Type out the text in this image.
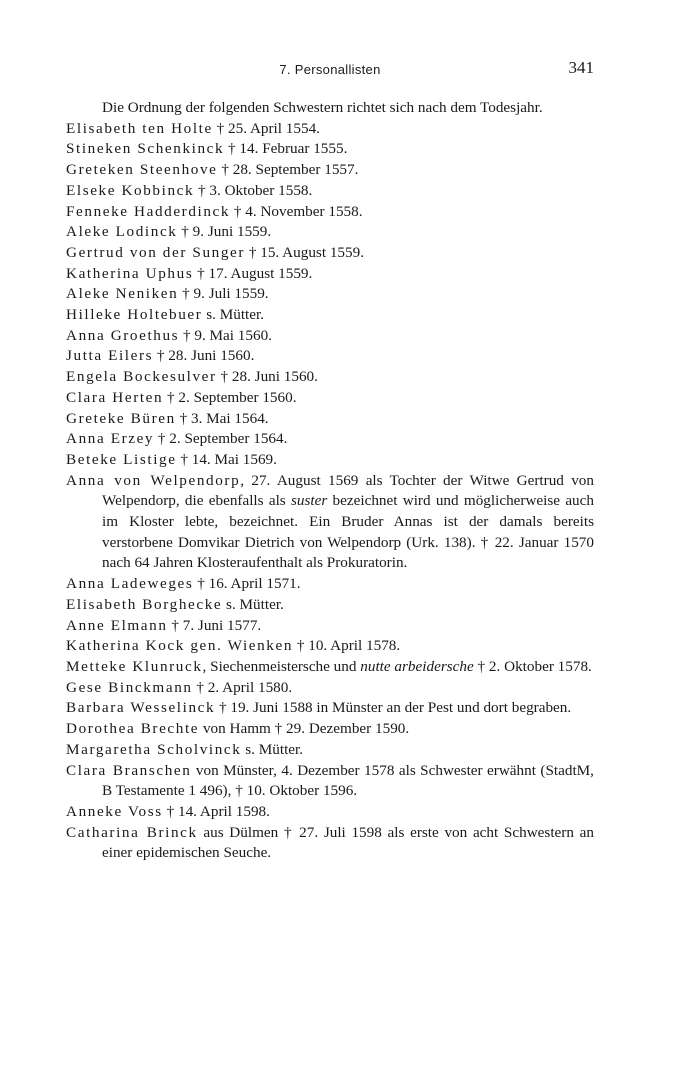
7. Personallisten	341

Die Ordnung der folgenden Schwestern richtet sich nach dem Todesjahr.

Elisabeth ten Holte † 25. April 1554.

Stineken Schenkinck † 14. Februar 1555.

Greteken Steenhove † 28. September 1557.

Elseke Kobbinck † 3. Oktober 1558.

Fenneke Hadderdinck † 4. November 1558.

Aleke Lodinck † 9. Juni 1559.

Gertrud von der Sunger † 15. August 1559.

Katherina Uphus † 17. August 1559.

Aleke Neniken † 9. Juli 1559.

Hilleke Holtebuer s. Mütter.

Anna Groethus † 9. Mai 1560.

Jutta Eilers † 28. Juni 1560.

Engela Bockesulver † 28. Juni 1560.

Clara Herten † 2. September 1560.

Greteke Büren † 3. Mai 1564.

Anna Erzey † 2. September 1564.

Beteke Listige † 14. Mai 1569.

Anna von Welpendorp, 27. August 1569 als Tochter der Witwe Gertrud von Welpendorp, die ebenfalls als suster bezeichnet wird und möglicherweise auch im Kloster lebte, bezeichnet. Ein Bruder Annas ist der damals bereits verstorbene Domvikar Dietrich von Welpendorp (Urk. 138). † 22. Januar 1570 nach 64 Jahren Klosteraufenthalt als Prokuratorin.

Anna Ladeweges † 16. April 1571.

Elisabeth Borghecke s. Mütter.

Anne Elmann † 7. Juni 1577.

Katherina Kock gen. Wienken † 10. April 1578.

Metteke Klunruck, Siechenmeistersche und nutte arbeidersche † 2. Oktober 1578.

Gese Binckmann † 2. April 1580.

Barbara Wesselinck † 19. Juni 1588 in Münster an der Pest und dort begraben.

Dorothea Brechte von Hamm † 29. Dezember 1590.

Margaretha Scholvinck s. Mütter.

Clara Branschen von Münster, 4. Dezember 1578 als Schwester erwähnt (StadtM, B Testamente 1 496), † 10. Oktober 1596.

Anneke Voss † 14. April 1598.

Catharina Brinck aus Dülmen † 27. Juli 1598 als erste von acht Schwestern an einer epidemischen Seuche.
